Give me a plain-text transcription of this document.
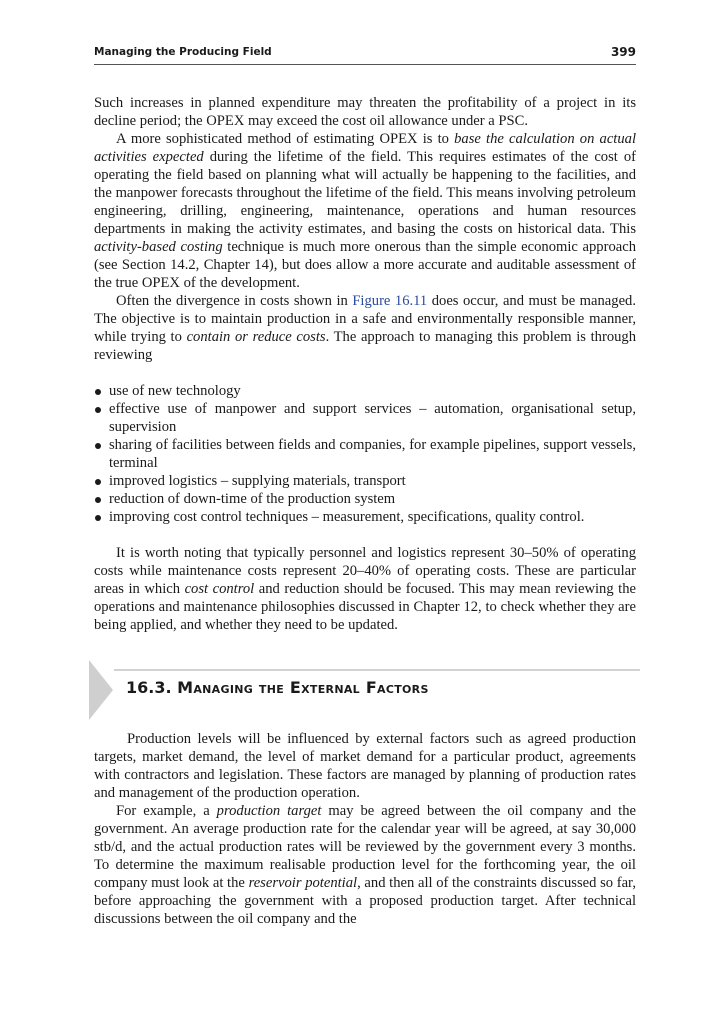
Managing the Producing Field	399

Such increases in planned expenditure may threaten the profitability of a project in its decline period; the OPEX may exceed the cost oil allowance under a PSC.

A more sophisticated method of estimating OPEX is to base the calculation on actual activities expected during the lifetime of the field. This requires estimates of the cost of operating the field based on planning what will actually be happening to the facilities, and the manpower forecasts throughout the lifetime of the field. This means involving petroleum engineering, drilling, engineering, maintenance, operations and human resources departments in making the activity estimates, and basing the costs on historical data. This activity-based costing technique is much more onerous than the simple economic approach (see Section 14.2, Chapter 14), but does allow a more accurate and auditable assessment of the true OPEX of the development.

Often the divergence in costs shown in Figure 16.11 does occur, and must be managed. The objective is to maintain production in a safe and environmentally responsible manner, while trying to contain or reduce costs. The approach to managing this problem is through reviewing

use of new technology
effective use of manpower and support services – automation, organisational setup, supervision
sharing of facilities between fields and companies, for example pipelines, support vessels, terminal
improved logistics – supplying materials, transport
reduction of down-time of the production system
improving cost control techniques – measurement, specifications, quality control.

It is worth noting that typically personnel and logistics represent 30–50% of operating costs while maintenance costs represent 20–40% of operating costs. These are particular areas in which cost control and reduction should be focused. This may mean reviewing the operations and maintenance philosophies discussed in Chapter 12, to check whether they are being applied, and whether they need to be updated.

16.3. Managing the External Factors

Production levels will be influenced by external factors such as agreed production targets, market demand, the level of market demand for a particular product, agreements with contractors and legislation. These factors are managed by planning of production rates and management of the production operation.

For example, a production target may be agreed between the oil company and the government. An average production rate for the calendar year will be agreed, at say 30,000 stb/d, and the actual production rates will be reviewed by the government every 3 months. To determine the maximum realisable production level for the forthcoming year, the oil company must look at the reservoir potential, and then all of the constraints discussed so far, before approaching the government with a proposed production target. After technical discussions between the oil company and the
